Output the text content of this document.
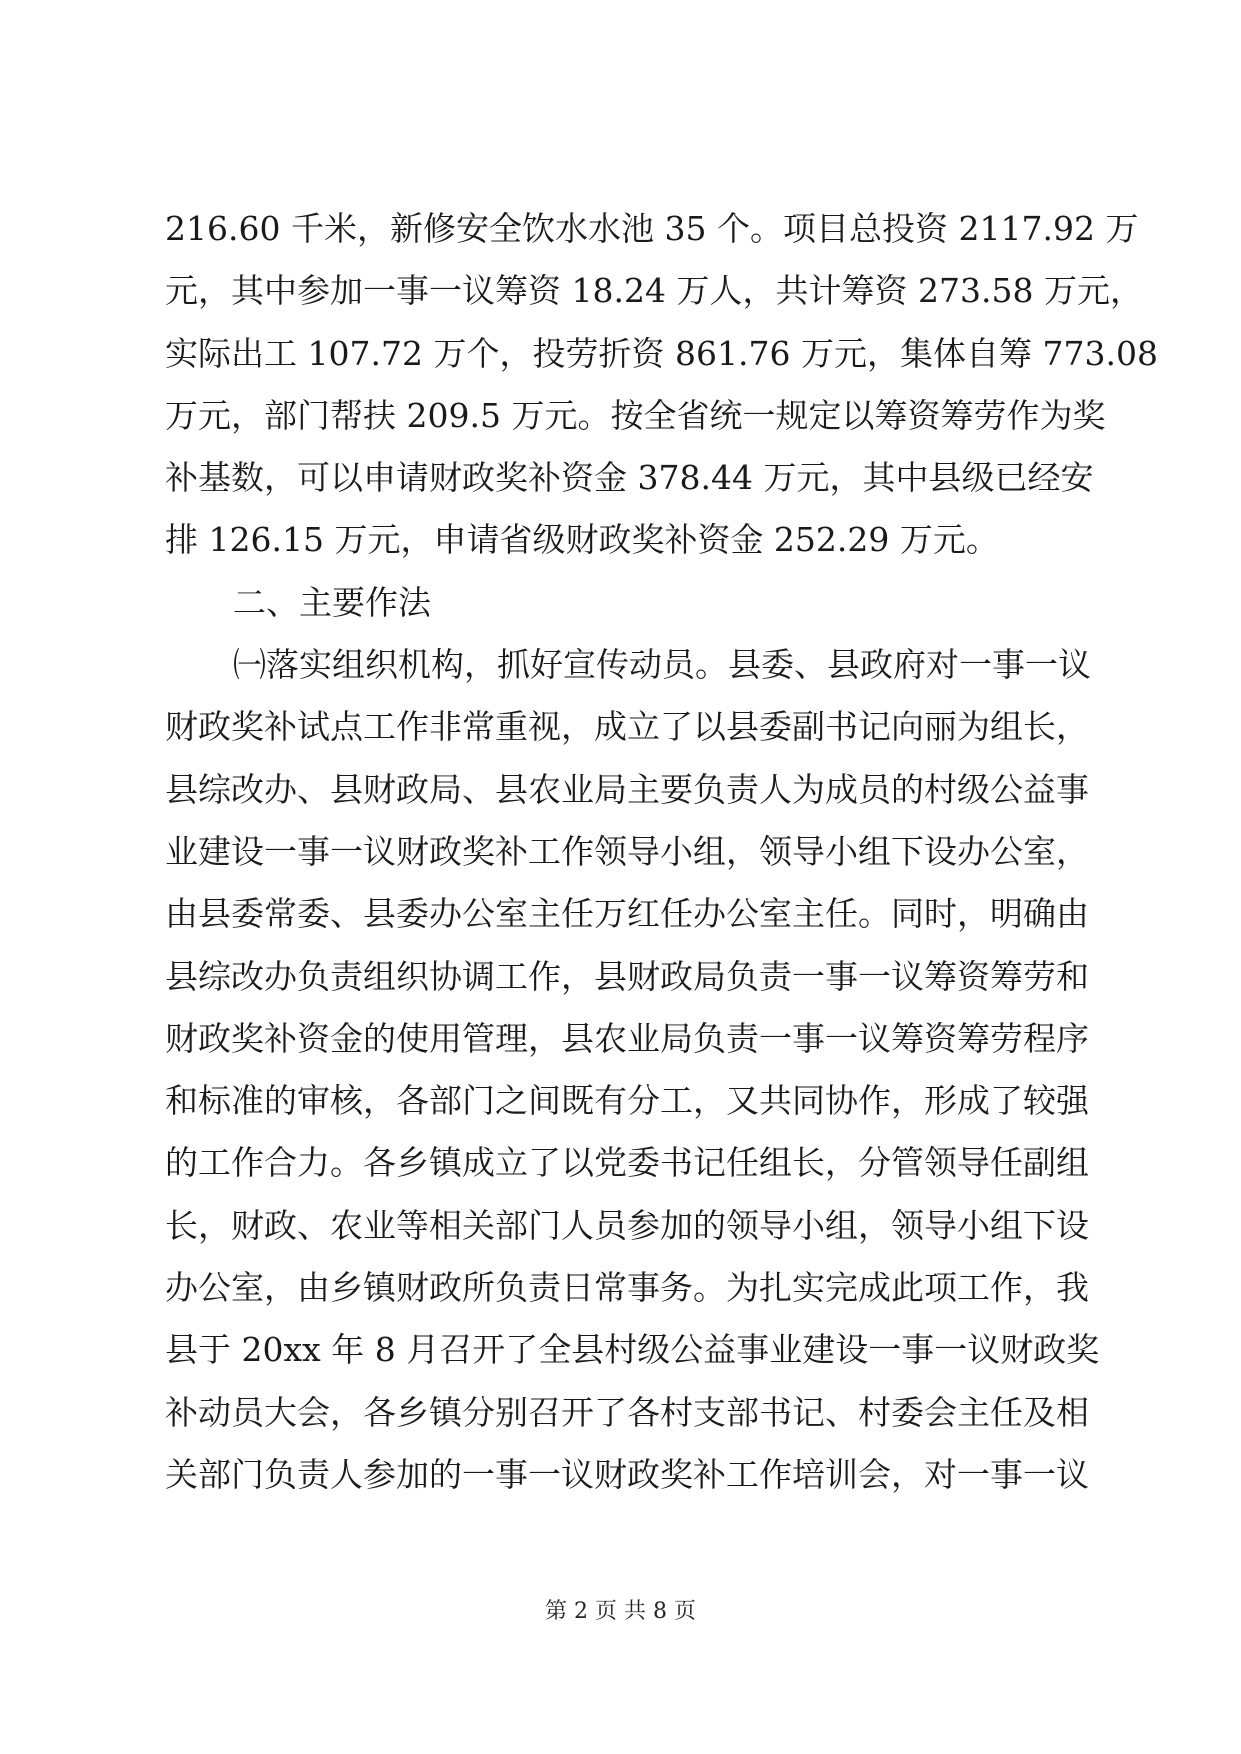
2 1 6 . 6 0
千 米 ， 新 修 安 全 饮 水 水 池
3 5
个 。 项 目 总 投 资
2 1 1 7 . 9 2
万
元 ， 其 中 参 加 一 事 一 议 筹 资
1 8 . 2 4
万 人 ， 共 计 筹 资
2 7 3 . 5 8
万 元 ，
实 际 出 工
1 0 7 . 7 2
万 个 ， 投 劳 折 资
8 6 1 . 7 6
万 元 ， 集 体 自 筹
7 7 3 . 0 8
万 元 ， 部 门 帮 扶
2 0 9 . 5
万 元 。 按 全 省 统 一 规 定 以 筹 资 筹 劳 作 为 奖
补 基 数 ， 可 以 申 请 财 政 奖 补 资 金
3 7 8 . 4 4
万 元 ， 其 中 县 级 已 经 安
排 126.15 万元，申请省级财政奖补资金 252.29 万元。
二、主要作法
㈠ 落 实 组 织 机 构 ， 抓 好 宣 传 动 员 。 县 委 、 县 政 府 对 一 事 一 议
财 政 奖 补 试 点 工 作 非 常 重 视 ， 成 立 了 以 县 委 副 书 记 向 丽 为 组 长 ，
县 综 改 办 、 县 财 政 局 、 县 农 业 局 主 要 负 责 人 为 成 员 的 村 级 公 益 事
业 建 设 一 事 一 议 财 政 奖 补 工 作 领 导 小 组 ， 领 导 小 组 下 设 办 公 室 ，
由 县 委 常 委 、 县 委 办 公 室 主 任 万 红 任 办 公 室 主 任 。 同 时 ， 明 确 由
县 综 改 办 负 责 组 织 协 调 工 作 ， 县 财 政 局 负 责 一 事 一 议 筹 资 筹 劳 和
财 政 奖 补 资 金 的 使 用 管 理 ， 县 农 业 局 负 责 一 事 一 议 筹 资 筹 劳 程 序
和 标 准 的 审 核 ， 各 部 门 之 间 既 有 分 工 ， 又 共 同 协 作 ， 形 成 了 较 强
的 工 作 合 力 。 各 乡 镇 成 立 了 以 党 委 书 记 任 组 长 ， 分 管 领 导 任 副 组
长 ， 财 政 、 农 业 等 相 关 部 门 人 员 参 加 的 领 导 小 组 ， 领 导 小 组 下 设
办 公 室 ， 由 乡 镇 财 政 所 负 责 日 常 事 务 。 为 扎 实 完 成 此 项 工 作 ， 我
县 于
2 0 x x
年
8
月 召 开 了 全 县 村 级 公 益 事 业 建 设 一 事 一 议 财 政 奖
补 动 员 大 会 ， 各 乡 镇 分 别 召 开 了 各 村 支 部 书 记 、 村 委 会 主 任 及 相
关 部 门 负 责 人 参 加 的 一 事 一 议 财 政 奖 补 工 作 培 训 会 ， 对 一 事 一 议
第 2 页 共 8 页
